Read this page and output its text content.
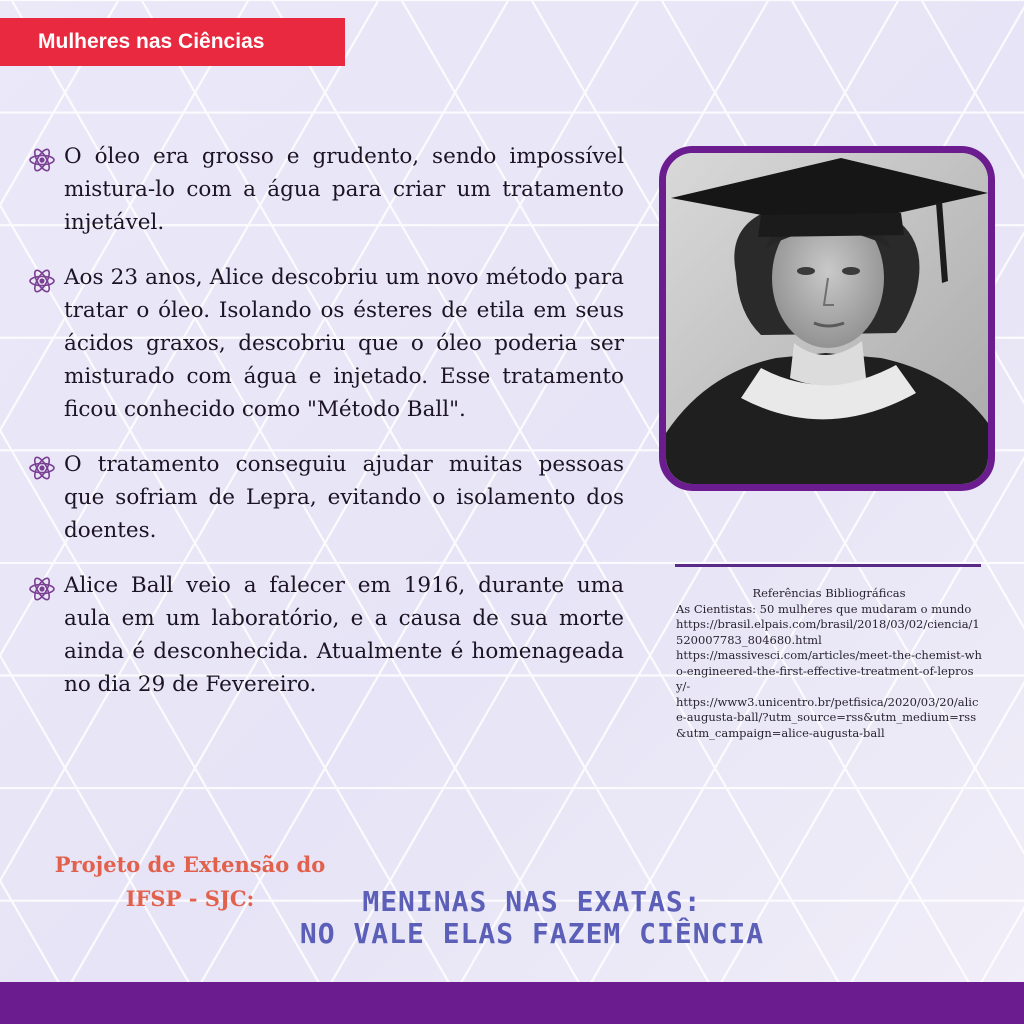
Mulheres nas Ciências

O óleo era grosso e grudento, sendo impossível mistura-lo com a água para criar um tratamento injetável.

Aos 23 anos, Alice descobriu um novo método para tratar o óleo. Isolando os ésteres de etila em seus ácidos graxos, descobriu que o óleo poderia ser misturado com água e injetado. Esse tratamento ficou conhecido como "Método Ball".

O tratamento conseguiu ajudar muitas pessoas que sofriam de Lepra, evitando o isolamento dos doentes.

Alice Ball veio a falecer em 1916, durante uma aula em um laboratório, e a causa de sua morte ainda é desconhecida. Atualmente é homenageada no dia 29 de Fevereiro.

Referências Bibliográficas
As Cientistas: 50 mulheres que mudaram o mundo
https://brasil.elpais.com/brasil/2018/03/02/ciencia/1520007783_804680.html
https://massivesci.com/articles/meet-the-chemist-who-engineered-the-first-effective-treatment-of-leprosy/-
https://www3.unicentro.br/petfisica/2020/03/20/alice-augusta-ball/?utm_source=rss&utm_medium=rss&utm_campaign=alice-augusta-ball
Projeto de Extensão do
IFSP - SJC:	MENINAS NAS EXATAS:
NO VALE ELAS FAZEM CIÊNCIA
